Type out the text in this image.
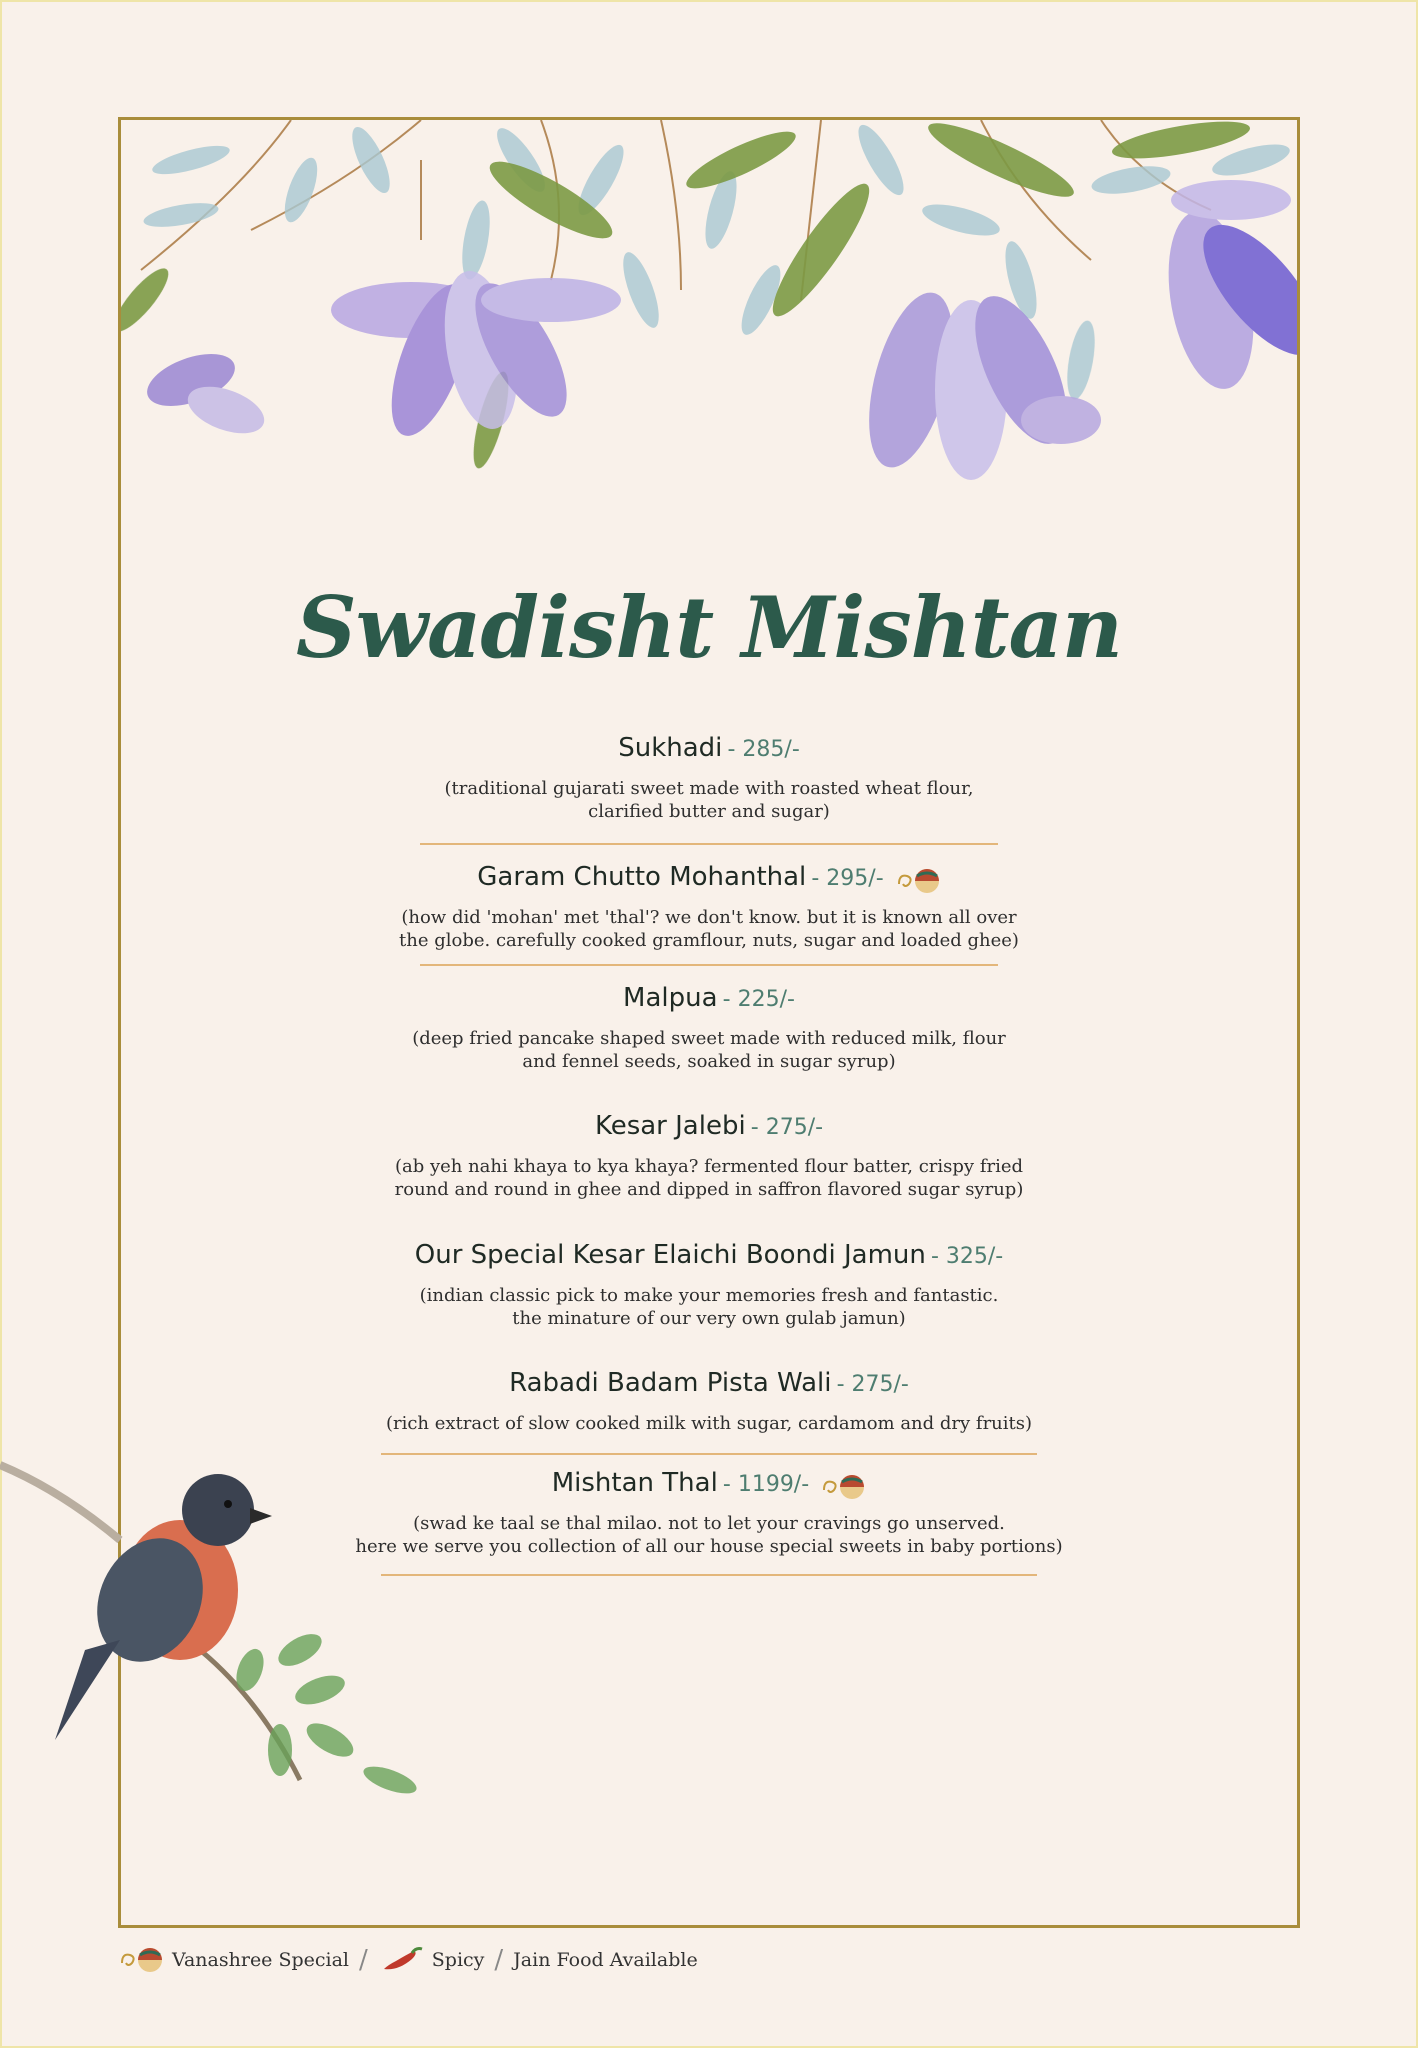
Swadisht Mishtan
Sukhadi - 285/-
(traditional gujarati sweet made with roasted wheat flour,
clarified butter and sugar)
Garam Chutto Mohanthal - 295/-
(how did 'mohan' met 'thal'? we don't know. but it is known all over
the globe. carefully cooked gramflour, nuts, sugar and loaded ghee)
Malpua - 225/-
(deep fried pancake shaped sweet made with reduced milk, flour
and fennel seeds, soaked in sugar syrup)
Kesar Jalebi - 275/-
(ab yeh nahi khaya to kya khaya? fermented flour batter, crispy fried
round and round in ghee and dipped in saffron flavored sugar syrup)
Our Special Kesar Elaichi Boondi Jamun - 325/-
(indian classic pick to make your memories fresh and fantastic.
the minature of our very own gulab jamun)
Rabadi Badam Pista Wali - 275/-
(rich extract of slow cooked milk with sugar, cardamom and dry fruits)
Mishtan Thal - 1199/-
(swad ke taal se thal milao. not to let your cravings go unserved.
here we serve you collection of all our house special sweets in baby portions)
Vanashree Special /	Spicy / Jain Food Available
